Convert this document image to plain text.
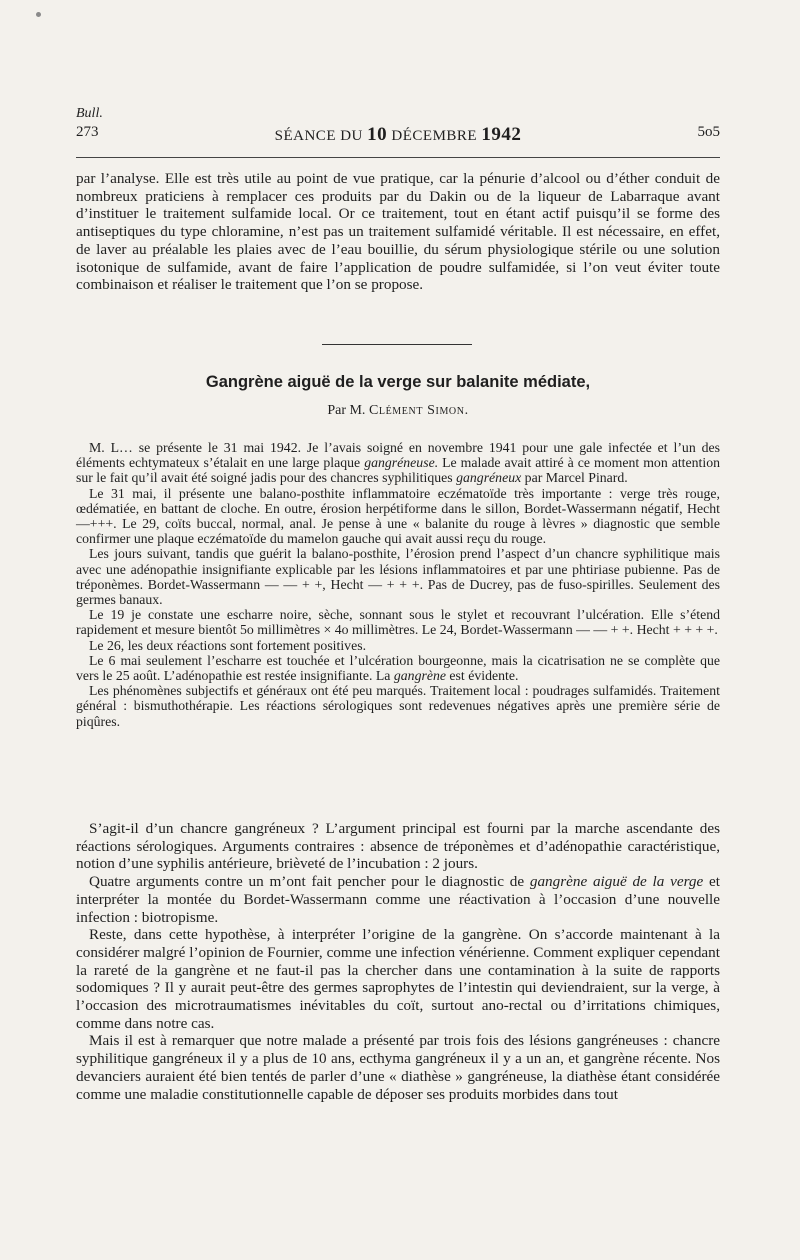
Bull.
273	SÉANCE DU 10 DÉCEMBRE 1942	5o5

par l’analyse. Elle est très utile au point de vue pratique, car la pénurie d’alcool ou d’éther conduit de nombreux praticiens à remplacer ces produits par du Dakin ou de la liqueur de Labarraque avant d’instituer le traitement sulfamide local. Or ce traitement, tout en étant actif puisqu’il se forme des antiseptiques du type chloramine, n’est pas un traitement sulfamidé véritable. Il est nécessaire, en effet, de laver au préalable les plaies avec de l’eau bouillie, du sérum physiologique stérile ou une solution isotonique de sulfamide, avant de faire l’application de poudre sulfamidée, si l’on veut éviter toute combinaison et réaliser le traitement que l’on se propose.

Gangrène aiguë de la verge sur balanite médiate,
Par M. Clément Simon.

M. L… se présente le 31 mai 1942. Je l’avais soigné en novembre 1941 pour une gale infectée et l’un des éléments echtymateux s’étalait en une large plaque gangréneuse. Le malade avait attiré à ce moment mon attention sur le fait qu’il avait été soigné jadis pour des chancres syphilitiques gangréneux par Marcel Pinard.

Le 31 mai, il présente une balano-posthite inflammatoire eczématoïde très importante : verge très rouge, œdématiée, en battant de cloche. En outre, érosion herpétiforme dans le sillon, Bordet-Wassermann négatif, Hecht —+++. Le 29, coïts buccal, normal, anal. Je pense à une « balanite du rouge à lèvres » diagnostic que semble confirmer une plaque eczématoïde du mamelon gauche qui avait aussi reçu du rouge.

Les jours suivant, tandis que guérit la balano-posthite, l’érosion prend l’aspect d’un chancre syphilitique mais avec une adénopathie insignifiante explicable par les lésions inflammatoires et par une phtiriase pubienne. Pas de tréponèmes. Bordet-Wassermann — — + +, Hecht — + + +. Pas de Ducrey, pas de fuso-spirilles. Seulement des germes banaux.

Le 19 je constate une escharre noire, sèche, sonnant sous le stylet et recouvrant l’ulcération. Elle s’étend rapidement et mesure bientôt 5o millimètres × 4o millimètres. Le 24, Bordet-Wassermann — — + +. Hecht + + + +.

Le 26, les deux réactions sont fortement positives.

Le 6 mai seulement l’escharre est touchée et l’ulcération bourgeonne, mais la cicatrisation ne se complète que vers le 25 août. L’adénopathie est restée insignifiante. La gangrène est évidente.

Les phénomènes subjectifs et généraux ont été peu marqués. Traitement local : poudrages sulfamidés. Traitement général : bismuthothérapie. Les réactions sérologiques sont redevenues négatives après une première série de piqûres.

S’agit-il d’un chancre gangréneux ? L’argument principal est fourni par la marche ascendante des réactions sérologiques. Arguments contraires : absence de tréponèmes et d’adénopathie caractéristique, notion d’une syphilis antérieure, brièveté de l’incubation : 2 jours.

Quatre arguments contre un m’ont fait pencher pour le diagnostic de gangrène aiguë de la verge et interpréter la montée du Bordet-Wassermann comme une réactivation à l’occasion d’une nouvelle infection : biotropisme.

Reste, dans cette hypothèse, à interpréter l’origine de la gangrène. On s’accorde maintenant à la considérer malgré l’opinion de Fournier, comme une infection vénérienne. Comment expliquer cependant la rareté de la gangrène et ne faut-il pas la chercher dans une contamination à la suite de rapports sodomiques ? Il y aurait peut-être des germes saprophytes de l’intestin qui deviendraient, sur la verge, à l’occasion des microtraumatismes inévitables du coït, surtout ano-rectal ou d’irritations chimiques, comme dans notre cas.

Mais il est à remarquer que notre malade a présenté par trois fois des lésions gangréneuses : chancre syphilitique gangréneux il y a plus de 10 ans, ecthyma gangréneux il y a un an, et gangrène récente. Nos devanciers auraient été bien tentés de parler d’une « diathèse » gangréneuse, la diathèse étant considérée comme une maladie constitutionnelle capable de déposer ses produits morbides dans tout
